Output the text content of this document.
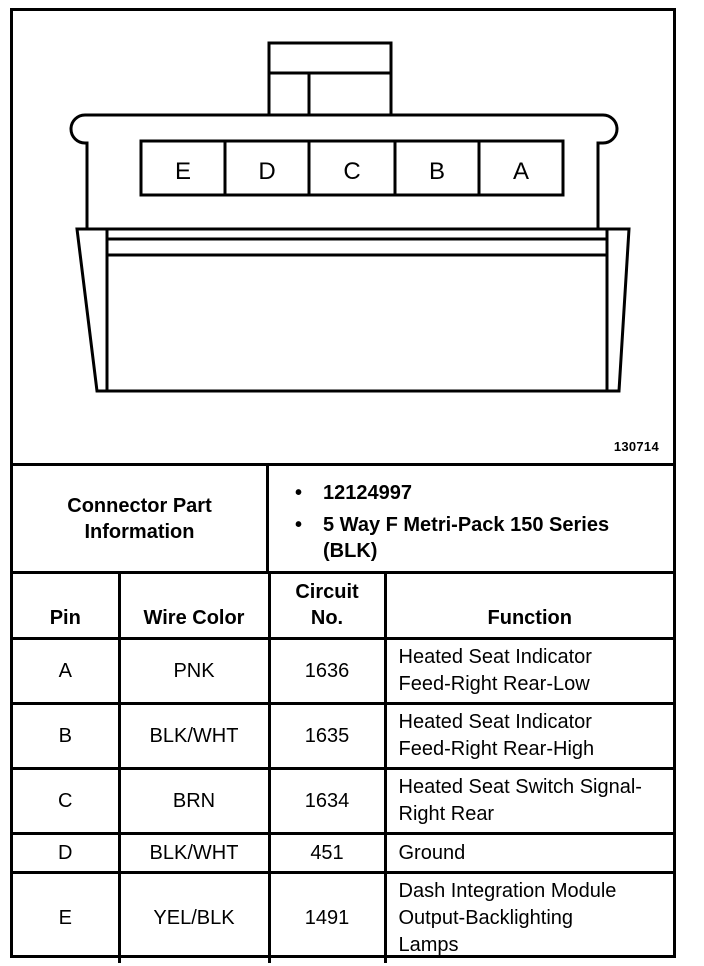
E	D	C	B	A
130714
Connector Part Information
• 12124997
• 5 Way F Metri-Pack 150 Series (BLK)
Pin	Wire Color	Circuit No.	Function
A	PNK	1636	Heated Seat Indicator Feed-Right Rear-Low

B	BLK/WHT	1635	Heated Seat Indicator Feed-Right Rear-High

C	BRN	1634	Heated Seat Switch Signal-Right Rear

D	BLK/WHT	451	Ground

E	YEL/BLK	1491	Dash Integration Module Output-Backlighting Lamps
